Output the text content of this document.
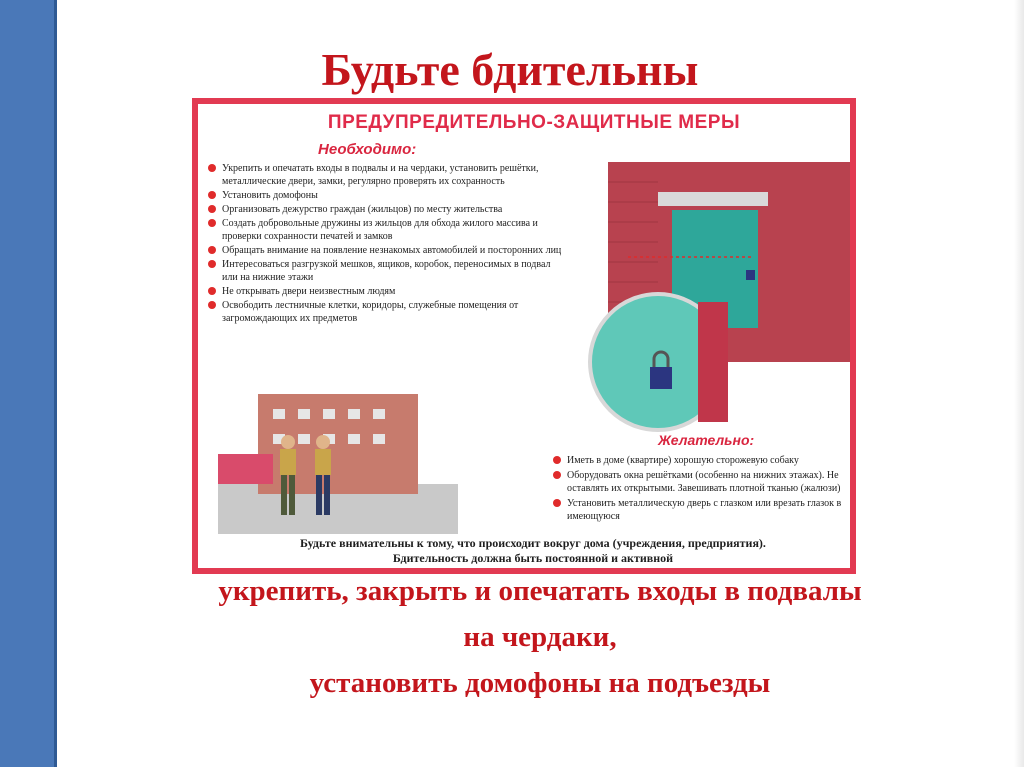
Будьте бдительны
ПРЕДУПРЕДИТЕЛЬНО-ЗАЩИТНЫЕ МЕРЫ
Необходимо:
Укрепить и опечатать входы в подвалы и на чердаки, установить решётки, металлические двери, замки, регулярно проверять их сохранность
Установить домофоны
Организовать дежурство граждан (жильцов) по месту жительства
Создать добровольные дружины из жильцов для обхода жилого массива и проверки сохранности печатей и замков
Обращать внимание на появление незнакомых автомобилей и посторонних лиц
Интересоваться разгрузкой мешков, ящиков, коробок, переносимых в подвал или на нижние этажи
Не открывать двери неизвестным людям
Освободить лестничные клетки, коридоры, служебные помещения от загромождающих их предметов
Желательно:
Иметь в доме (квартире) хорошую сторожевую собаку
Оборудовать окна решётками (особенно на нижних этажах). Не оставлять их открытыми. Завешивать плотной тканью (жалюзи)
Установить металлическую дверь с глазком или врезать глазок в имеющуюся
Будьте внимательны к тому, что происходит вокруг дома (учреждения, предприятия).
Бдительность должна быть постоянной и активной
укрепить, закрыть и опечатать входы в подвалы
на чердаки,
установить домофоны на подъезды
